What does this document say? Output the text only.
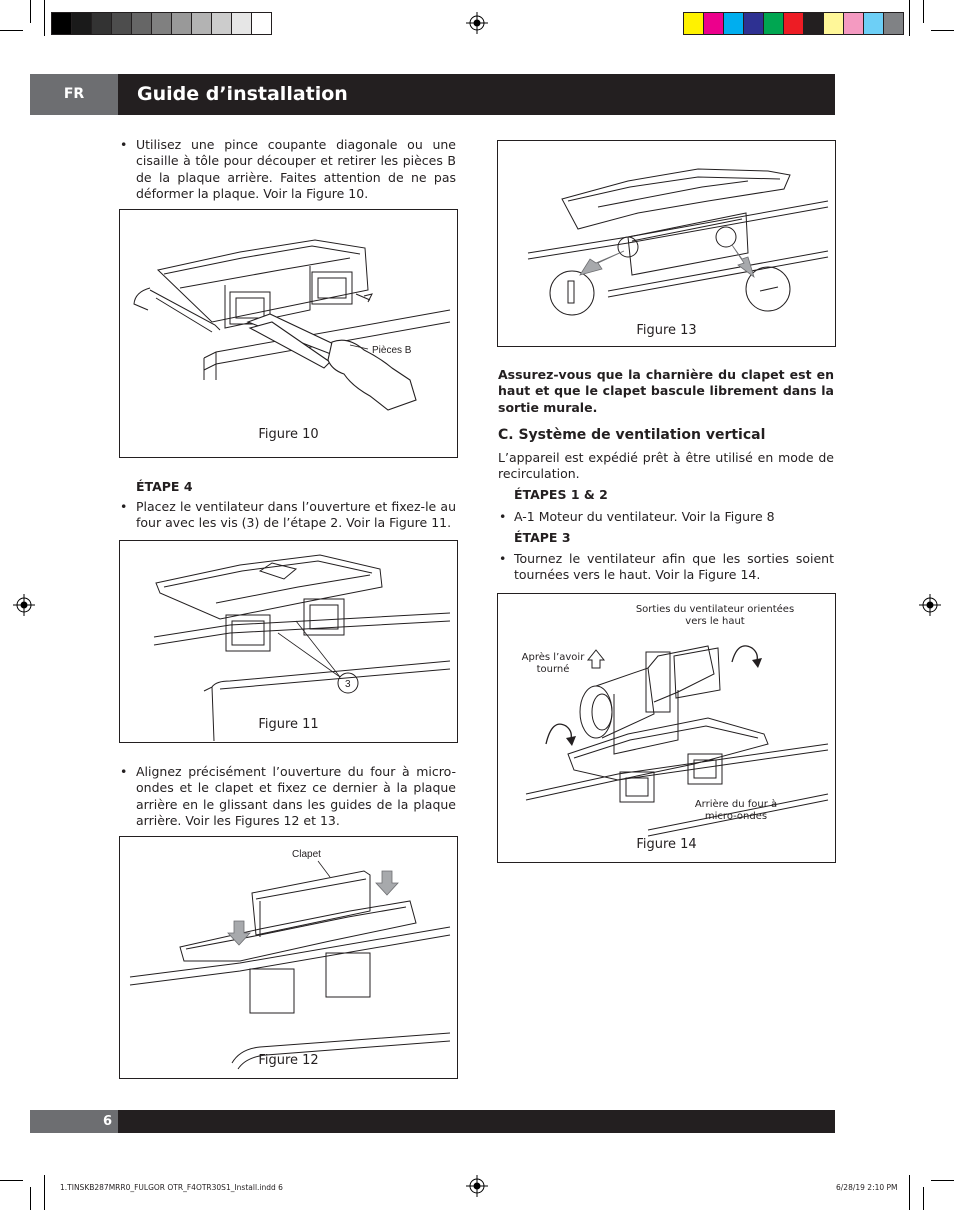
FR	Guide d’installation
• Utilisez une pince coupante diagonale ou une cisaille à tôle pour découper et retirer les pièces B de la plaque arrière. Faites attention de ne pas déformer la plaque. Voir la Figure 10.
Pièces B
Figure 10
ÉTAPE 4
• Placez le ventilateur dans l’ouverture et fixez-le au four avec les vis (3) de l’étape 2. Voir la Figure 11.
3
Figure 11
• Alignez précisément l’ouverture du four à micro-ondes et le clapet et fixez ce dernier à la plaque arrière en le glissant dans les guides de la plaque arrière. Voir les Figures 12 et 13.
Clapet
Figure 12
Figure 13
Assurez-vous que la charnière du clapet est en haut et que le clapet bascule librement dans la sortie murale.
C. Système de ventilation vertical
L’appareil est expédié prêt à être utilisé en mode de recirculation.
ÉTAPES 1 & 2
• A-1 Moteur du ventilateur. Voir la Figure 8
ÉTAPE 3
• Tournez le ventilateur afin que les sorties soient tournées vers le haut. Voir la Figure 14.
Sorties du ventilateur orientées vers le haut
Après l’avoir tourné
Arrière du four à micro-ondes
Figure 14
6
1.TINSKB287MRR0_FULGOR OTR_F4OTR30S1_Install.indd 6	6/28/19 2:10 PM
